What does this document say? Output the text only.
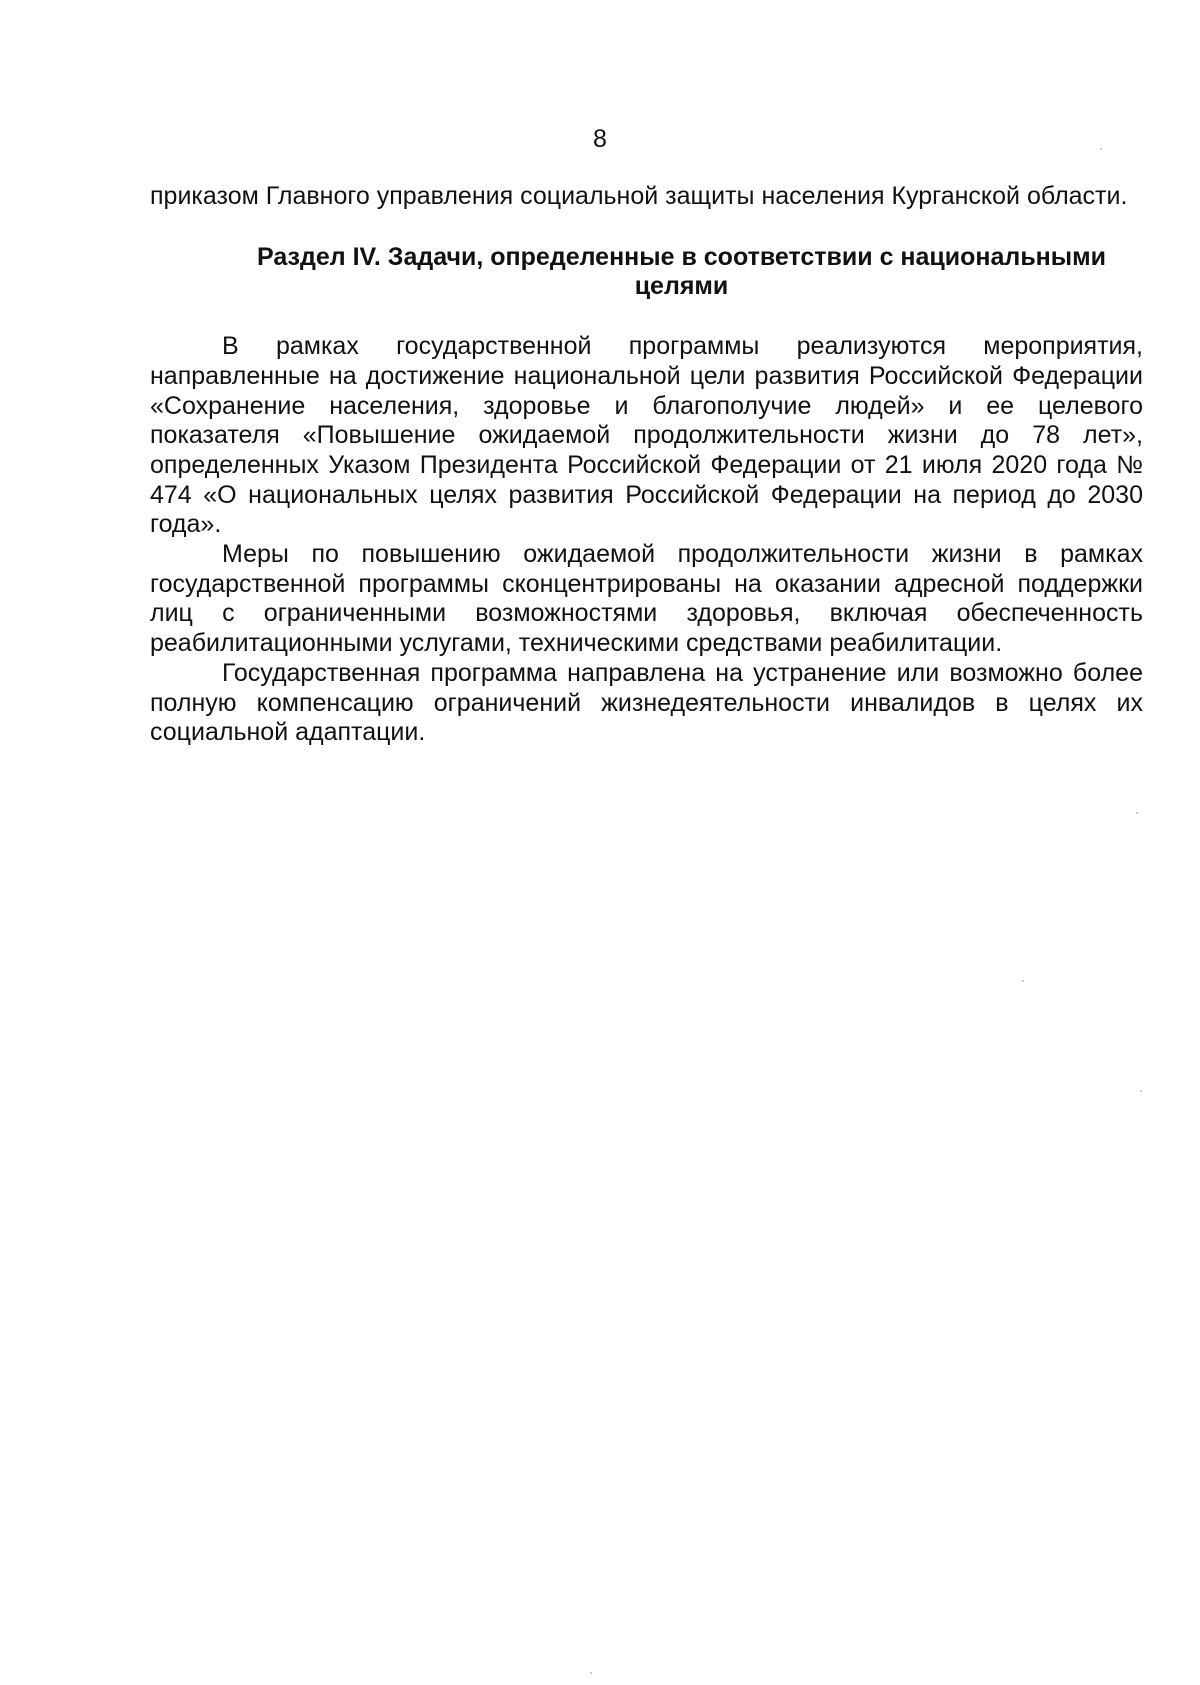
8

приказом Главного управления социальной защиты населения Курганской области.

Раздел IV. Задачи, определенные в соответствии с национальными
целями

В рамках государственной программы реализуются мероприятия, направленные на достижение национальной цели развития Российской Федерации «Сохранение населения, здоровье и благополучие людей» и ее целевого показателя «Повышение ожидаемой продолжительности жизни до 78 лет», определенных Указом Президента Российской Федерации от 21 июля 2020 года № 474 «О национальных целях развития Российской Федерации на период до 2030 года».

Меры по повышению ожидаемой продолжительности жизни в рамках государственной программы сконцентрированы на оказании адресной поддержки лиц с ограниченными возможностями здоровья, включая обеспеченность реабилитационными услугами, техническими средствами реабилитации.

Государственная программа направлена на устранение или возможно более полную компенсацию ограничений жизнедеятельности инвалидов в целях их социальной адаптации.
